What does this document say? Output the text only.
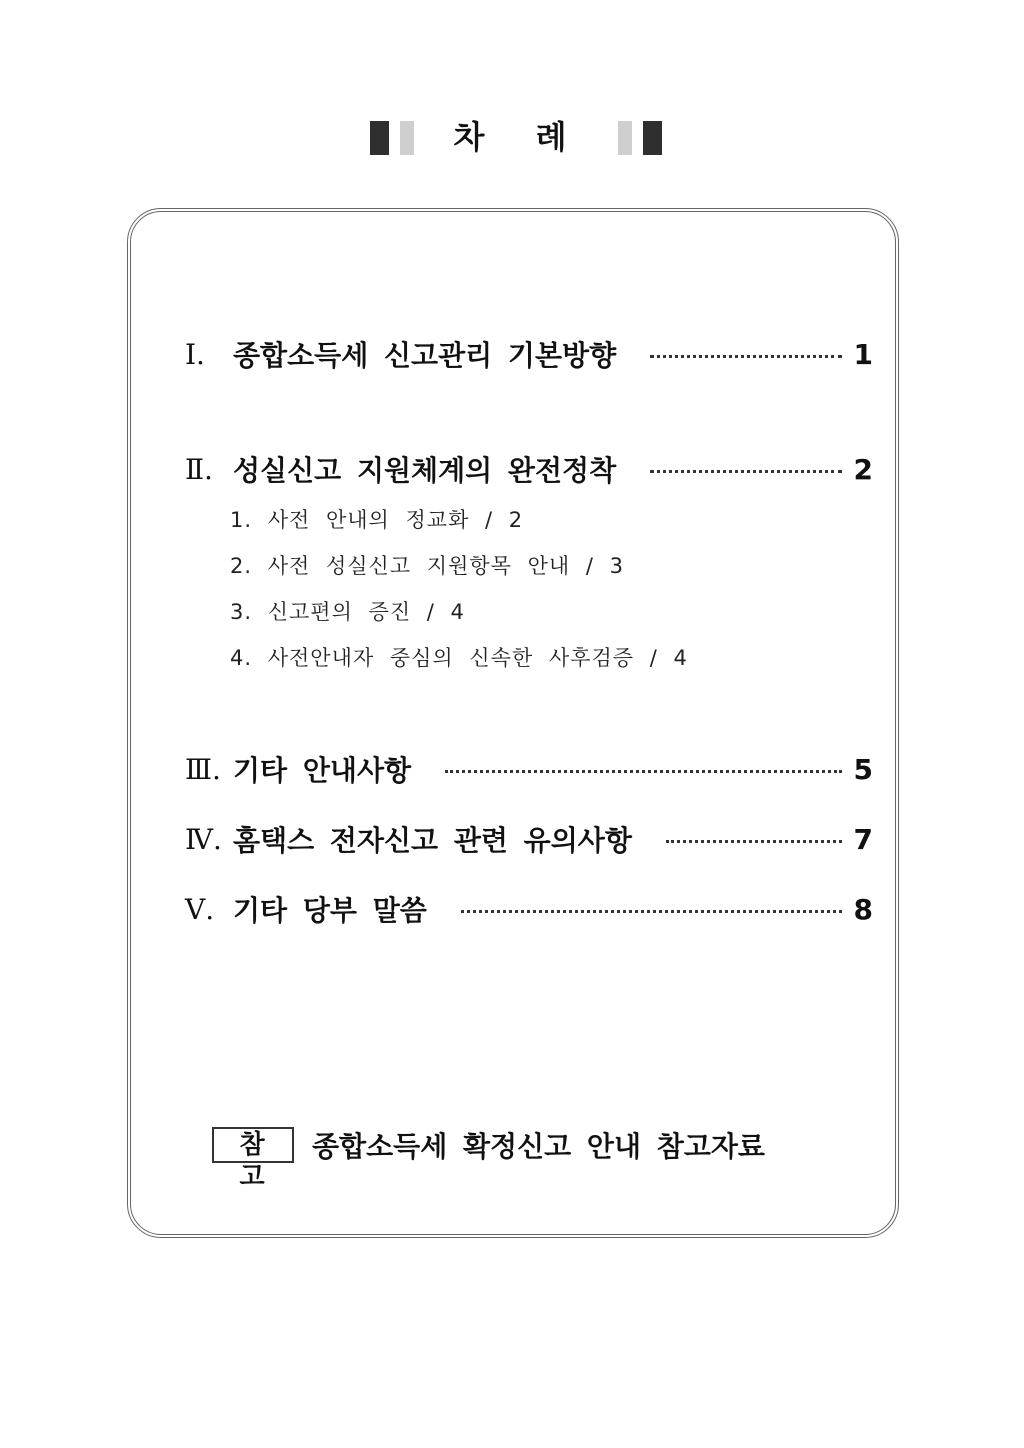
차 례
Ⅰ.	종합소득세 신고관리 기본방향	1
Ⅱ. 성실신고 지원체계의 완전정착	2
1. 사전 안내의 정교화 / 2
2. 사전 성실신고 지원항목 안내 / 3
3. 신고편의 증진 / 4
4. 사전안내자 중심의 신속한 사후검증 / 4
Ⅲ. 기타 안내사항	5
Ⅳ. 홈택스 전자신고 관련 유의사항	7
Ⅴ. 기타 당부 말씀	8
참 고
종합소득세 확정신고 안내 참고자료
